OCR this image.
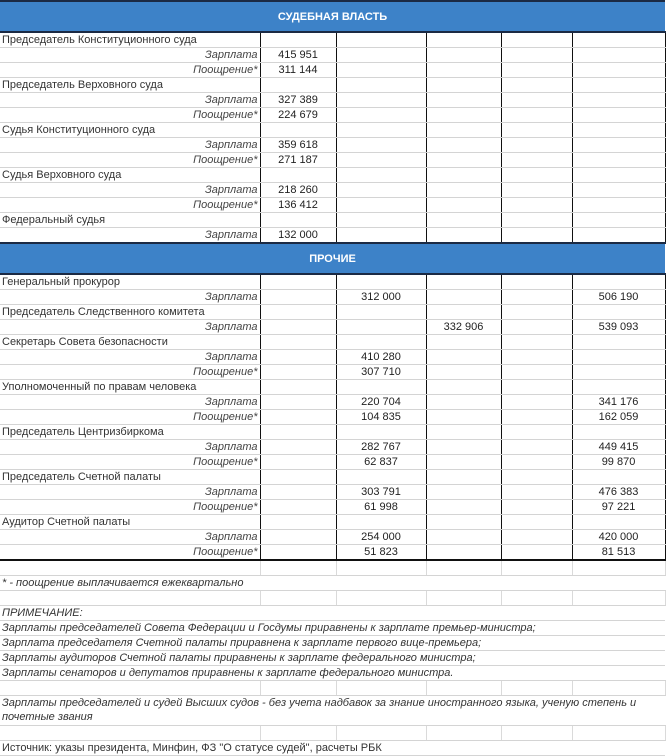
СУДЕБНАЯ ВЛАСТЬ					
Председатель Конституционного суда					
Зарплата	415 951				
Поощрение*	311 144				
Председатель Верховного суда					
Зарплата	327 389				
Поощрение*	224 679				
Судья Конституционного суда					
Зарплата	359 618				
Поощрение*	271 187				
Судья Верховного суда					
Зарплата	218 260				
Поощрение*	136 412				
Федеральный судья					
Зарплата	132 000				
ПРОЧИЕ					
Генеральный прокурор					
Зарплата		312 000			506 190
Председатель Следственного комитета					
Зарплата			332 906		539 093
Секретарь Совета безопасности					
Зарплата		410 280			
Поощрение*		307 710			
Уполномоченный по правам человека					
Зарплата		220 704			341 176
Поощрение*		104 835			162 059
Председатель Центризбиркома					
Зарплата		282 767			449 415
Поощрение*		62 837			99 870
Председатель Счетной палаты					
Зарплата		303 791			476 383
Поощрение*		61 998			97 221
Аудитор Счетной палаты					
Зарплата		254 000			420 000
Поощрение*		51 823			81 513

* - поощрение выплачивается ежеквартально					

ПРИМЕЧАНИЕ:					
Зарплаты председателей Совета Федерации и Госдумы приравнены к зарплате премьер-министра;					
Зарплата председателя Счетной палаты приравнена к зарплате первого вице-премьера;					
Зарплаты аудиторов Счетной палаты приравнены к зарплате федерального министра;					
Зарплаты сенаторов и депутатов приравнены к зарплате федерального министра.					

Зарплаты председателей и судей Высших судов - без учета надбавок за знание иностранного языка, ученую степень и почетные звания					

Источник: указы президента, Минфин, ФЗ "О статусе судей", расчеты РБК					
